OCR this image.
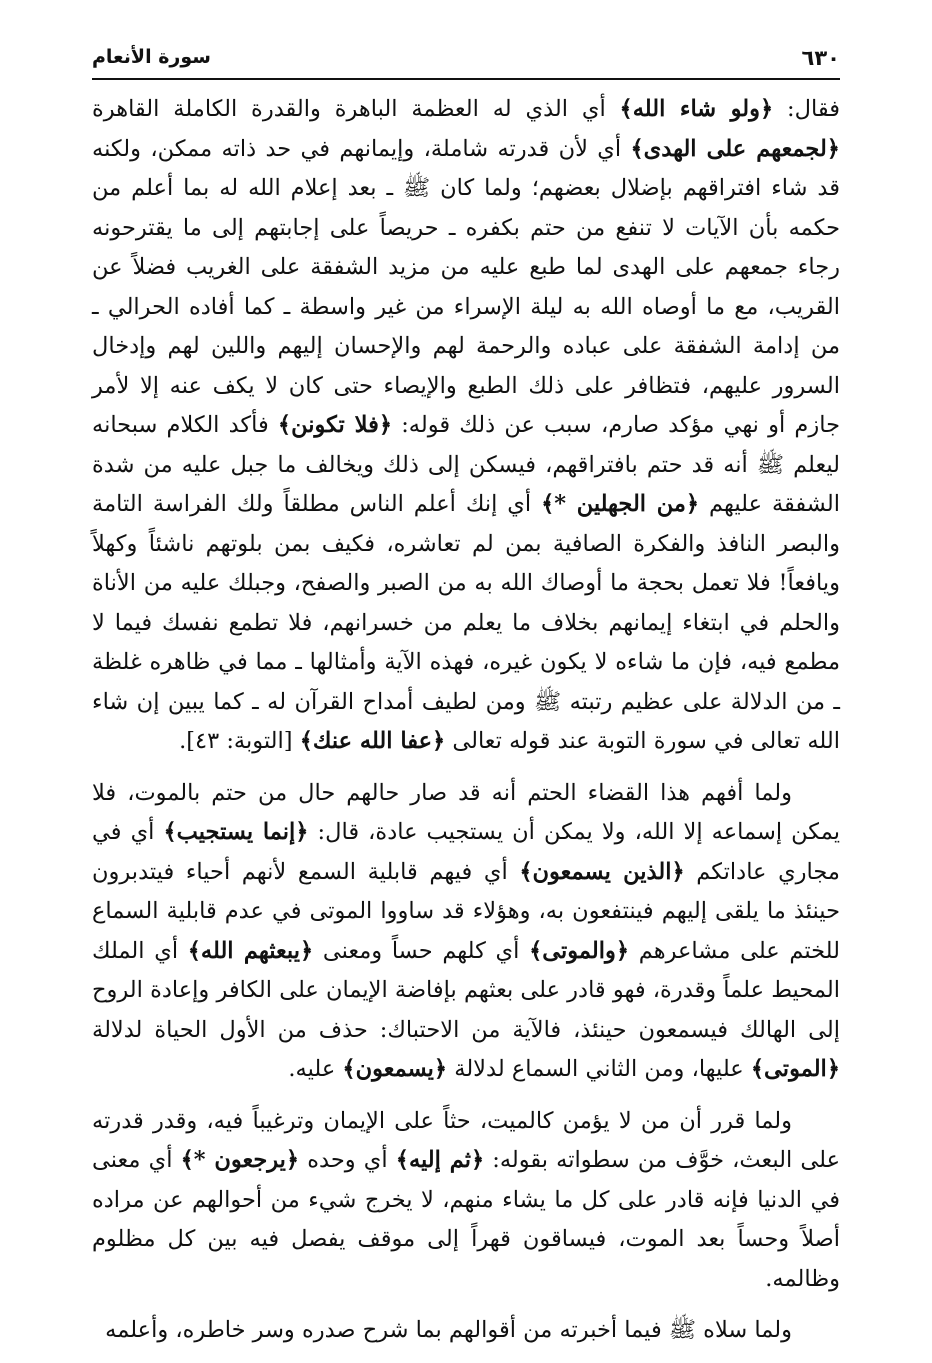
٦٣٠
سورة الأنعام

فقال: ﴿ولو شاء الله﴾ أي الذي له العظمة الباهرة والقدرة الكاملة القاهرة ﴿لجمعهم على الهدى﴾ أي لأن قدرته شاملة، وإيمانهم في حد ذاته ممكن، ولكنه قد شاء افتراقهم بإضلال بعضهم؛ ولما كان ﷺ ـ بعد إعلام الله له بما أعلم من حكمه بأن الآيات لا تنفع من حتم بكفره ـ حريصاً على إجابتهم إلى ما يقترحونه رجاء جمعهم على الهدى لما طبع عليه من مزيد الشفقة على الغريب فضلاً عن القريب، مع ما أوصاه الله به ليلة الإسراء من غير واسطة ـ كما أفاده الحرالي ـ من إدامة الشفقة على عباده والرحمة لهم والإحسان إليهم واللين لهم وإدخال السرور عليهم، فتظافر على ذلك الطبع والإيصاء حتى كان لا يكف عنه إلا لأمر جازم أو نهي مؤكد صارم، سبب عن ذلك قوله: ﴿فلا تكونن﴾ فأكد الكلام سبحانه ليعلم ﷺ أنه قد حتم بافتراقهم، فيسكن إلى ذلك ويخالف ما جبل عليه من شدة الشفقة عليهم ﴿من الجهلين *﴾ أي إنك أعلم الناس مطلقاً ولك الفراسة التامة والبصر النافذ والفكرة الصافية بمن لم تعاشره، فكيف بمن بلوتهم ناشئاً وكهلاً ويافعاً! فلا تعمل بحجة ما أوصاك الله به من الصبر والصفح، وجبلك عليه من الأناة والحلم في ابتغاء إيمانهم بخلاف ما يعلم من خسرانهم، فلا تطمع نفسك فيما لا مطمع فيه، فإن ما شاءه لا يكون غيره، فهذه الآية وأمثالها ـ مما في ظاهره غلظة ـ من الدلالة على عظيم رتبته ﷺ ومن لطيف أمداح القرآن له ـ كما يبين إن شاء الله تعالى في سورة التوبة عند قوله تعالى ﴿عفا الله عنك﴾ [التوبة: ٤٣].

ولما أفهم هذا القضاء الحتم أنه قد صار حالهم حال من حتم بالموت، فلا يمكن إسماعه إلا الله، ولا يمكن أن يستجيب عادة، قال: ﴿إنما يستجيب﴾ أي في مجاري عاداتكم ﴿الذين يسمعون﴾ أي فيهم قابلية السمع لأنهم أحياء فيتدبرون حينئذ ما يلقى إليهم فينتفعون به، وهؤلاء قد ساووا الموتى في عدم قابلية السماع للختم على مشاعرهم ﴿والموتى﴾ أي كلهم حساً ومعنى ﴿يبعثهم الله﴾ أي الملك المحيط علماً وقدرة، فهو قادر على بعثهم بإفاضة الإيمان على الكافر وإعادة الروح إلى الهالك فيسمعون حينئذ، فالآية من الاحتباك: حذف من الأول الحياة لدلالة ﴿الموتى﴾ عليها، ومن الثاني السماع لدلالة ﴿يسمعون﴾ عليه.

ولما قرر أن من لا يؤمن كالميت، حثاً على الإيمان وترغيباً فيه، وقدر قدرته على البعث، خوَّف من سطواته بقوله: ﴿ثم إليه﴾ أي وحده ﴿يرجعون *﴾ أي معنى في الدنيا فإنه قادر على كل ما يشاء منهم، لا يخرج شيء من أحوالهم عن مراده أصلاً وحساً بعد الموت، فيساقون قهراً إلى موقف يفصل فيه بين كل مظلوم وظالمه.

ولما سلاه ﷺ فيما أخبرته من أقوالهم بما شرح صدره وسر خاطره، وأعلمه
